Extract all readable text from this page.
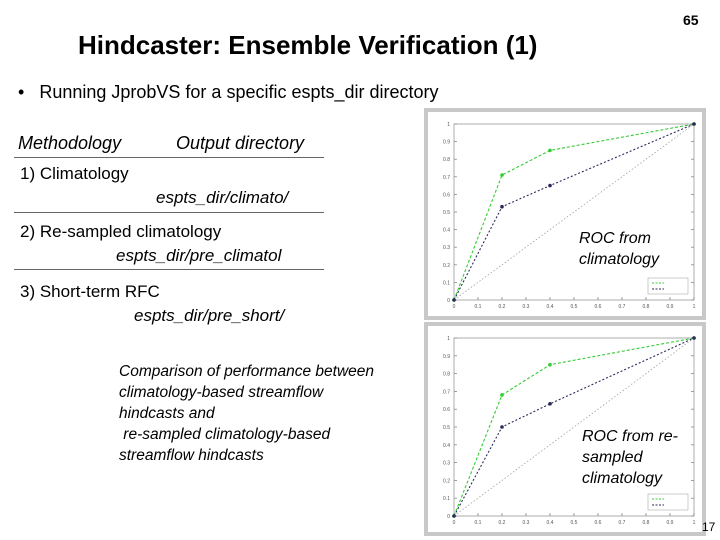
Hindcaster: Ensemble Verification (1)
65
• Running JprobVS for a specific espts_dir directory
Methodology	Output directory
1) Climatology
espts_dir/climato/
2) Re-sampled climatology
espts_dir/pre_climatol
3) Short-term RFC
espts_dir/pre_short/
Comparison of performance between
climatology-based streamflow
hindcasts and
re-sampled climatology-based
streamflow hindcasts
0
0.1
0.2
0.3
0.4
0.5
0.6
0.7
0.8
0.9
1
0	0.1	0.2	0.3	0.4	0.5	0.6	0.7	0.8	0.9	1
ROC from
climatology
0
0.1
0.2
0.3
0.4
0.5
0.6
0.7
0.8
0.9
1
0	0.1	0.2	0.3	0.4	0.5	0.6	0.7	0.8	0.9	1
ROC from re-
sampled
climatology
17
